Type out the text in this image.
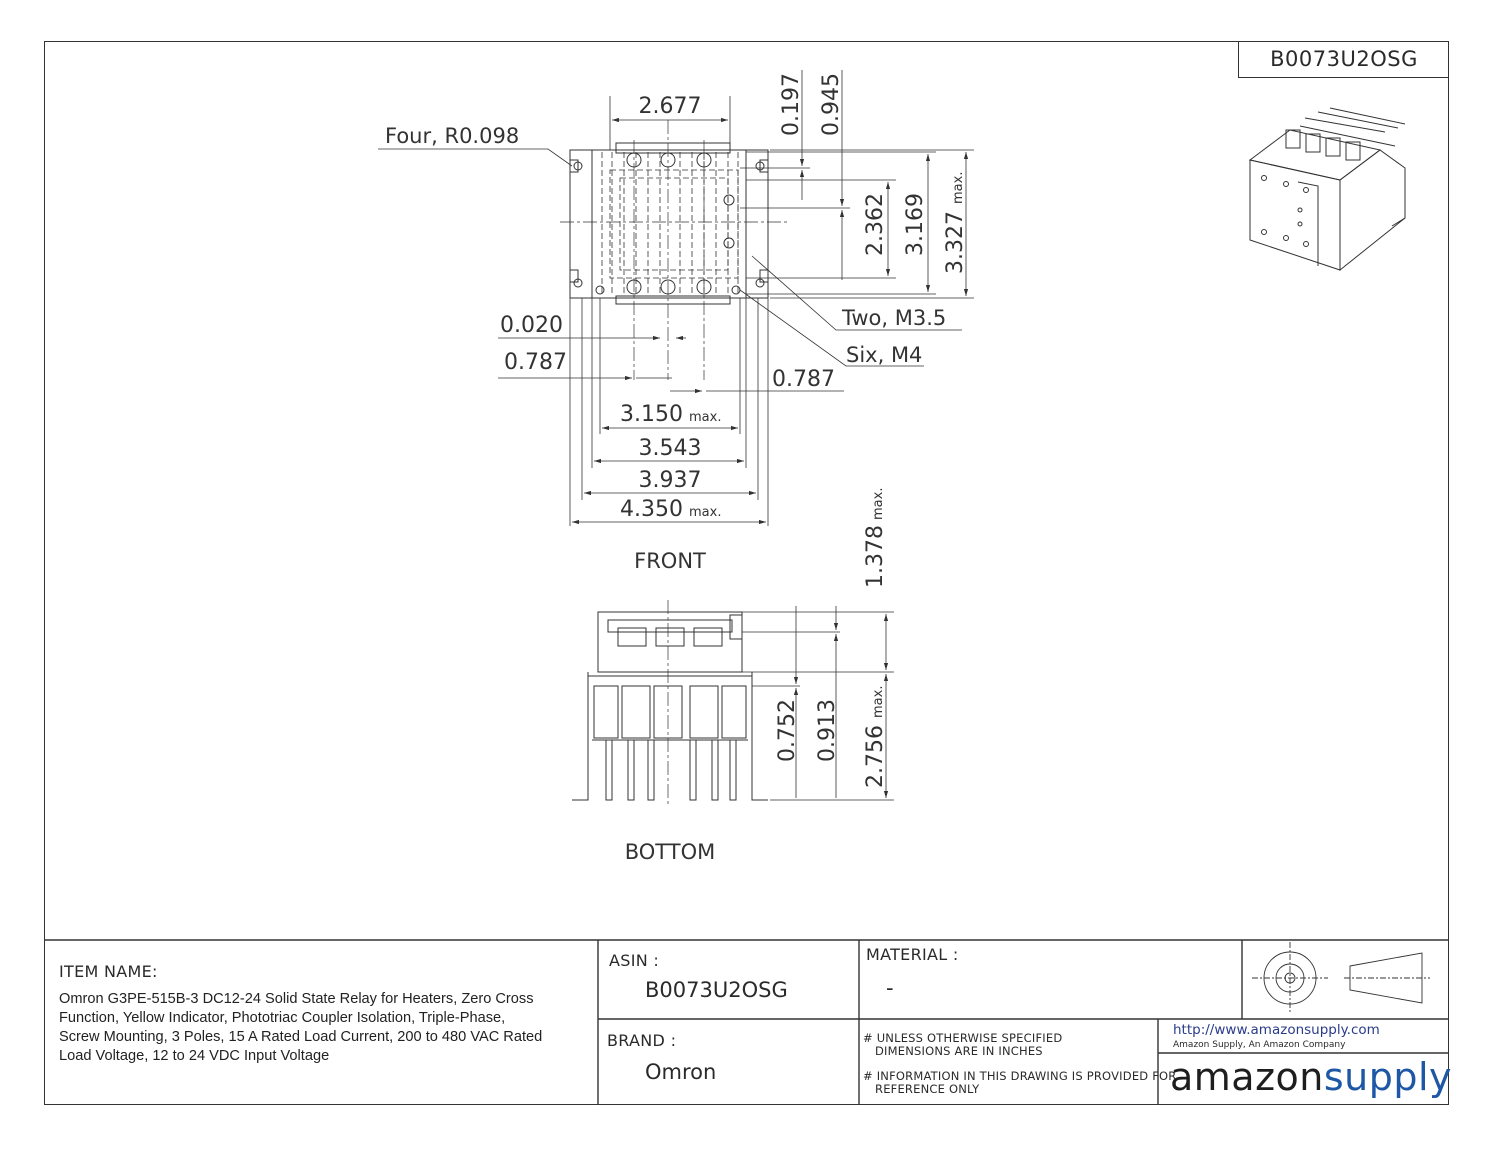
B0073U2OSG
2.677
Four, R0.098	0.197 0.945
2.362 3.169 3.327
max.
Two, M3.5
Six, M4
0.020
0.787
0.787
3.150 max.
3.543
3.937
4.350 max.
FRONT	1.378
max.
0.752 0.913 2.756
max.
BOTTOM
ITEM NAME:
Omron G3PE-515B-3 DC12-24 Solid State Relay for Heaters, Zero Cross Function, Yellow Indicator, Phototriac Coupler Isolation, Triple-Phase, Screw Mounting, 3 Poles, 15 A Rated Load Current, 200 to 480 VAC Rated Load Voltage, 12 to 24 VDC Input Voltage
ASIN :
B0073U2OSG
BRAND :
Omron
MATERIAL :
-
# UNLESS OTHERWISE SPECIFIED
DIMENSIONS ARE IN INCHES
# INFORMATION IN THIS DRAWING IS PROVIDED FOR
REFERENCE ONLY
http://www.amazonsupply.com
Amazon Supply, An Amazon Company
amazonsupply
